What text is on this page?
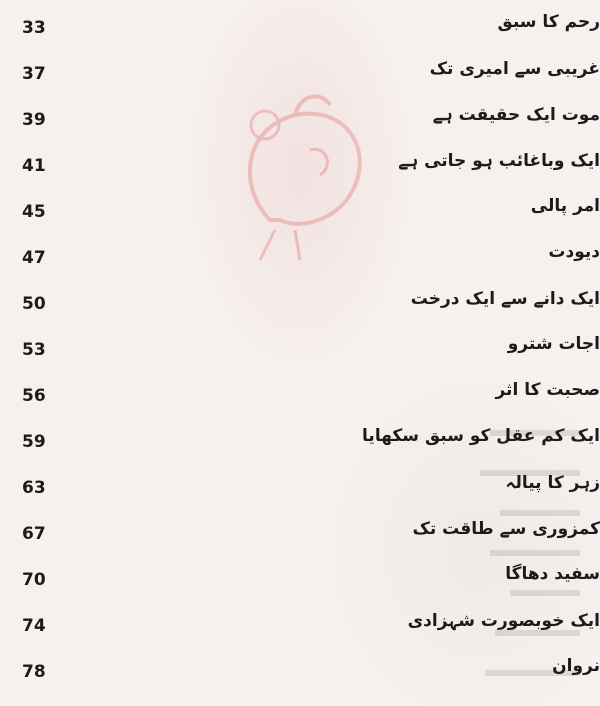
33	رحم کا سبق
37	غریبی سے امیری تک
39	موت ایک حقیقت ہے
41	ایک وباغائب ہو جاتی ہے
45	امر پالی
47	دیودت
50	ایک دانے سے ایک درخت
53	اجات شترو
56	صحبت کا اثر
59	ایک کم عقل کو سبق سکھایا
63	زہر کا پیالہ
67	کمزوری سے طاقت تک
70	سفید دھاگا
74	ایک خوبصورت شہزادی
78	نروان
